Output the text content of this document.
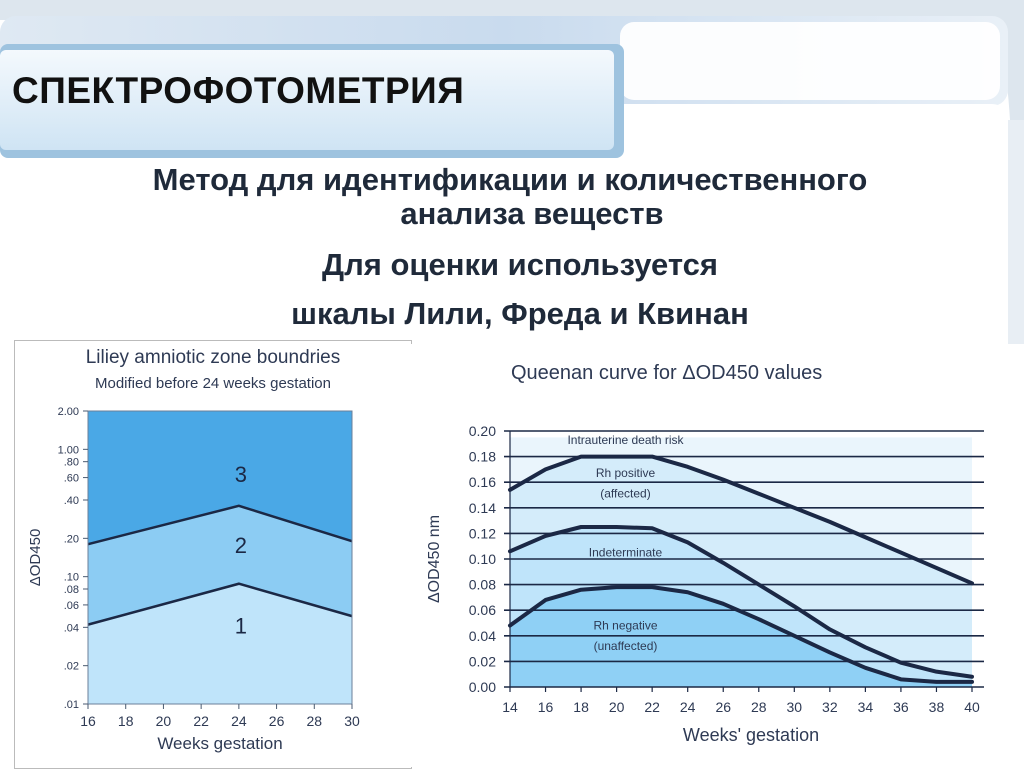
СПЕКТРОФОТОМЕТРИЯ

Метод для идентификации и количественного

анализа веществ

Для оценки используется

шкалы Лили, Фреда и Квинан

Liliey amniotic zone boundries
Modified before 24 weeks gestation
3
2
1
2.00
1.00
.80
.60
.40
.20
.10
.08
.06
.04
.02
.01
16 18 20 22 24 26 28 30
Weeks gestation
ΔOD450
Queenan curve for ΔOD450 values
0.00
0.02
0.04
0.06
0.08
0.10
0.12
0.14
0.16
0.18
0.20
Intrauterine death risk
Rh positive
(affected)
Indeterminate
Rh negative
(unaffected)
14 16 18 20 22 24 26 28 30 32 34 36 38 40
Weeks' gestation
ΔOD450 nm
